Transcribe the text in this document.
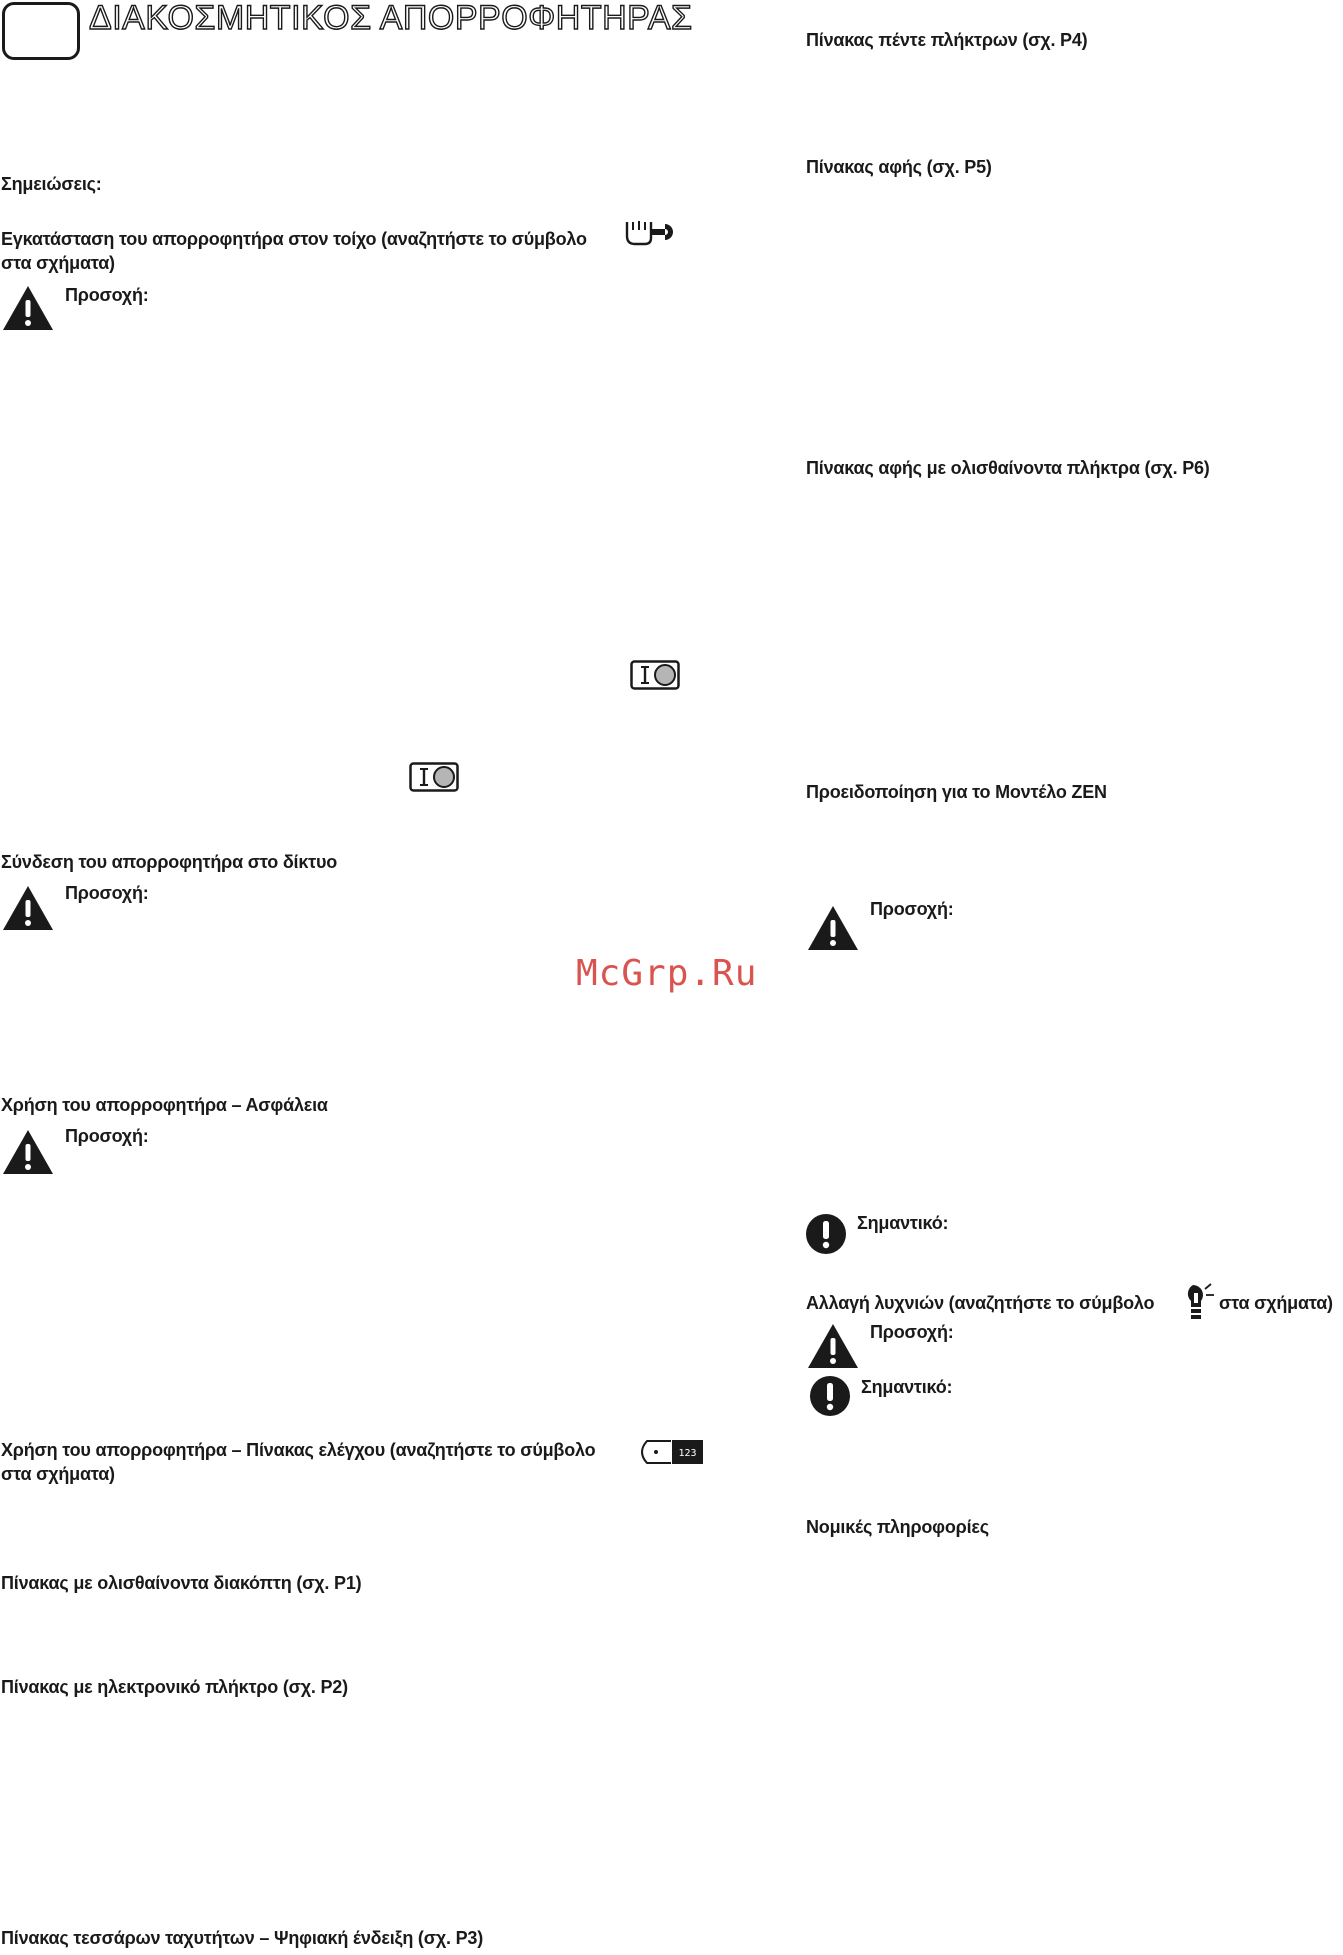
ΔΙΑΚΟΣΜΗΤΙΚΟΣ ΑΠΟΡΡΟΦΗΤΗΡΑΣ
Σημειώσεις:
Εγκατάσταση του απορροφητήρα στον τοίχο (αναζητήστε το σύμβολο
στα σχήματα)
Προσοχή:
Σύνδεση του απορροφητήρα στο δίκτυο
Προσοχή:
Χρήση του απορροφητήρα – Ασφάλεια
Προσοχή:
Χρήση του απορροφητήρα – Πίνακας ελέγχου (αναζητήστε το σύμβολο	123
στα σχήματα)
Πίνακας με ολισθαίνοντα διακόπτη (σχ. P1)
Πίνακας με ηλεκτρονικό πλήκτρο (σχ. P2)
Πίνακας τεσσάρων ταχυτήτων – Ψηφιακή ένδειξη (σχ. P3)
Πίνακας πέντε πλήκτρων (σχ. P4)
Πίνακας αφής (σχ. P5)
Πίνακας αφής με ολισθαίνοντα πλήκτρα (σχ. P6)
Προειδοποίηση για το Μοντέλο ΖΕΝ
Προσοχή:
Σημαντικό:
Αλλαγή λυχνιών (αναζητήστε το σύμβολο	στα σχήματα)
Προσοχή:
Σημαντικό:
Νομικές πληροφορίες
McGrp.Ru
